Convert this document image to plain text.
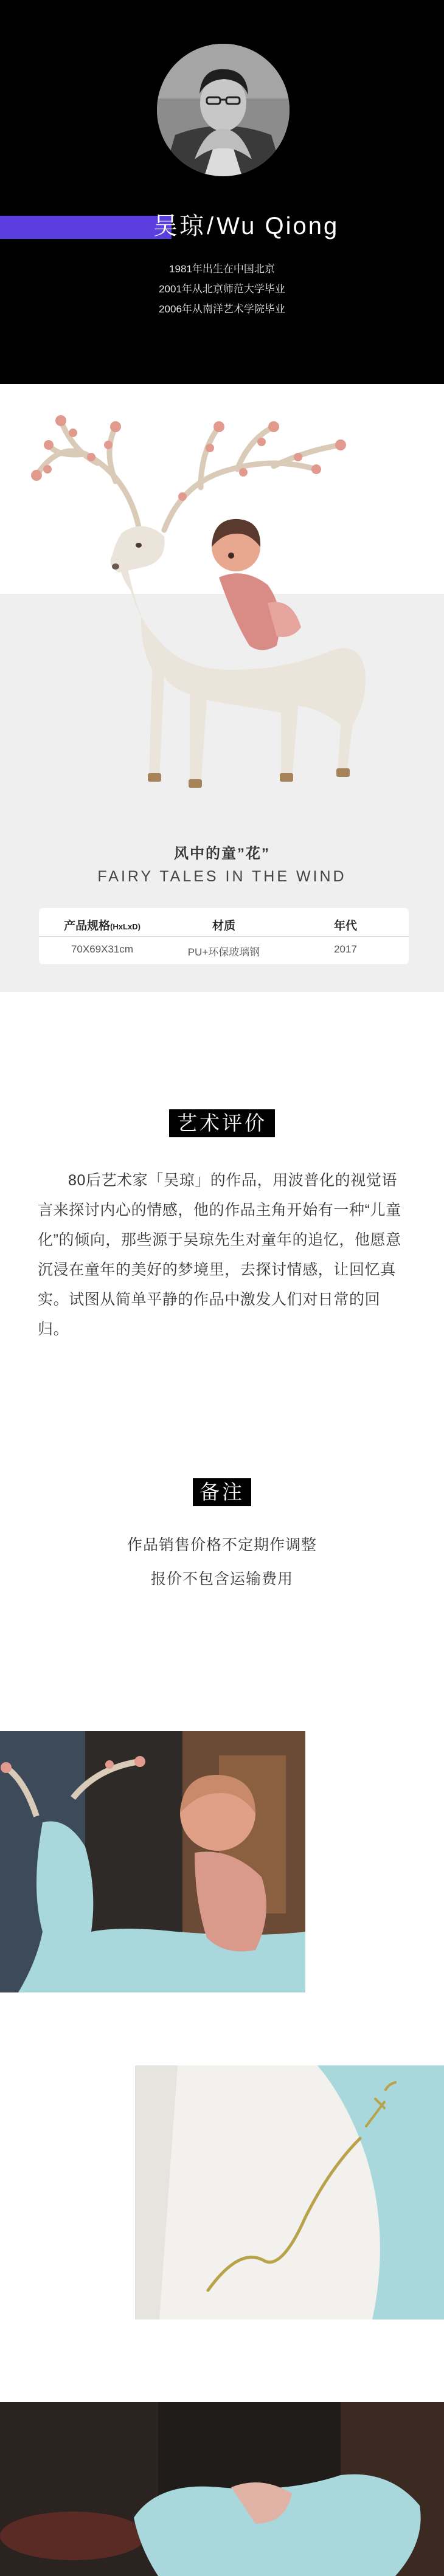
吴琼/Wu Qiong
1981年出生在中国北京
2001年从北京师范大学毕业
2006年从南洋艺术学院毕业
风中的童”花”
FAIRY TALES IN THE WIND
产品规格(HxLxD)
70X69X31cm
材质
PU+环保玻璃钢
年代
2017
艺术评价

80后艺术家「吴琼」的作品，用波普化的视觉语言来探讨内心的情感，他的作品主角开始有一种“儿童化”的倾向，那些源于吴琼先生对童年的追忆，他愿意沉浸在童年的美好的梦境里，去探讨情感，让回忆真实。试图从简单平静的作品中激发人们对日常的回归。

备注
作品销售价格不定期作调整
报价不包含运输费用
